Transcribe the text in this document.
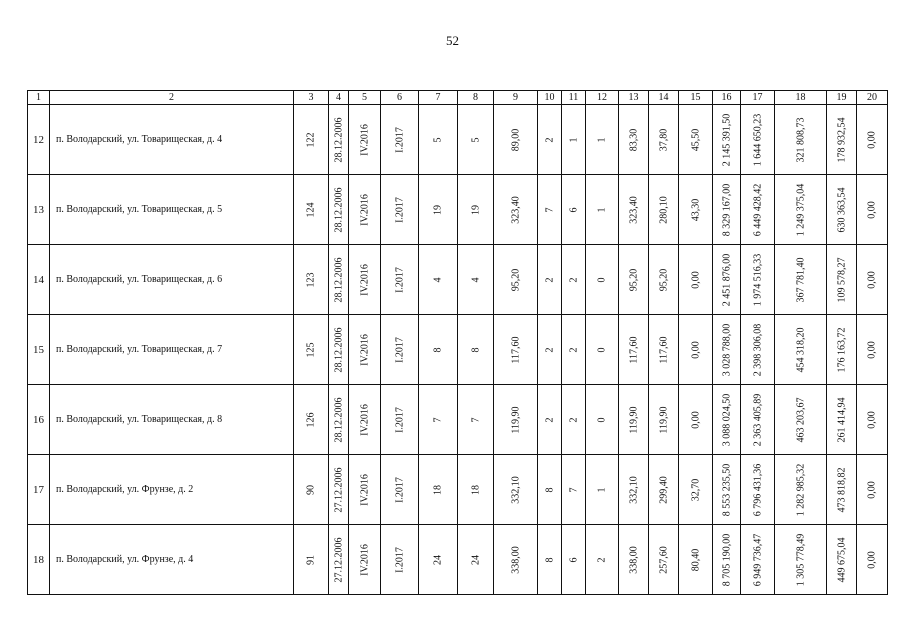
52
1	2	3	4	5	6	7	8	9	10	11	12	13	14	15	16	17	18	19	20
12	п. Володарский, ул. Товарищеская, д. 4	122	28.12.2006	IV.2016	I.2017	5	5	89,00	2	1	1	83,30	37,80	45,50	2 145 391,50	1 644 650,23	321 808,73	178 932,54	0,00

13	п. Володарский, ул. Товарищеская, д. 5	124	28.12.2006	IV.2016	I.2017	19	19	323,40	7	6	1	323,40	280,10	43,30	8 329 167,00	6 449 428,42	1 249 375,04	630 363,54	0,00

14	п. Володарский, ул. Товарищеская, д. 6	123	28.12.2006	IV.2016	I.2017	4	4	95,20	2	2	0	95,20	95,20	0,00	2 451 876,00	1 974 516,33	367 781,40	109 578,27	0,00

15	п. Володарский, ул. Товарищеская, д. 7	125	28.12.2006	IV.2016	I.2017	8	8	117,60	2	2	0	117,60	117,60	0,00	3 028 788,00	2 398 306,08	454 318,20	176 163,72	0,00

16	п. Володарский, ул. Товарищеская, д. 8	126	28.12.2006	IV.2016	I.2017	7	7	119,90	2	2	0	119,90	119,90	0,00	3 088 024,50	2 363 405,89	463 203,67	261 414,94	0,00

17	п. Володарский, ул. Фрунзе, д. 2	90	27.12.2006	IV.2016	I.2017	18	18	332,10	8	7	1	332,10	299,40	32,70	8 553 235,50	6 796 431,36	1 282 985,32	473 818,82	0,00

18	п. Володарский, ул. Фрунзе, д. 4	91	27.12.2006	IV.2016	I.2017	24	24	338,00	8	6	2	338,00	257,60	80,40	8 705 190,00	6 949 736,47	1 305 778,49	449 675,04	0,00
